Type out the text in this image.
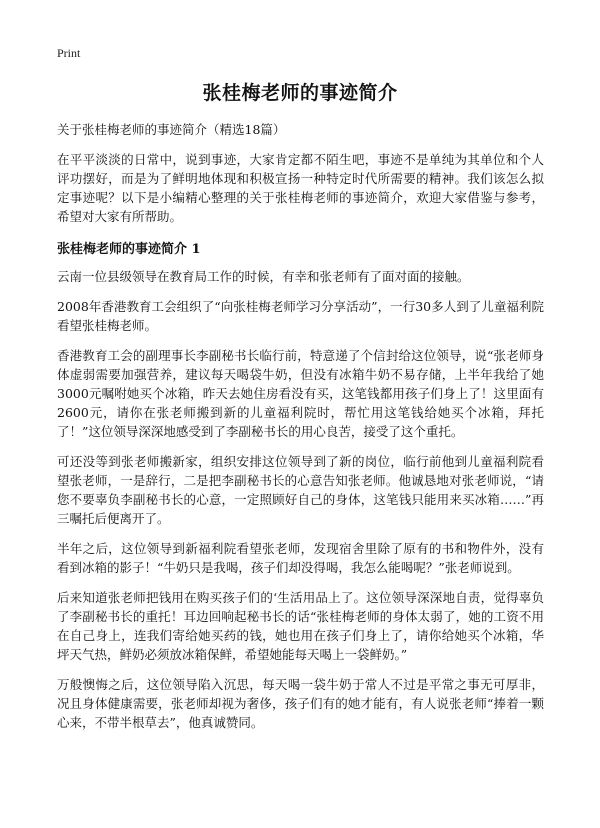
Print
张桂梅老师的事迹简介
关于张桂梅老师的事迹简介（精选18篇）

在平平淡淡的日常中，说到事迹，大家肯定都不陌生吧，事迹不是单纯为其单位和个人评功摆好，而是为了鲜明地体现和积极宣扬一种特定时代所需要的精神。我们该怎么拟定事迹呢？以下是小编精心整理的关于张桂梅老师的事迹简介，欢迎大家借鉴与参考，希望对大家有所帮助。

张桂梅老师的事迹简介 1

云南一位县级领导在教育局工作的时候，有幸和张老师有了面对面的接触。

2008年香港教育工会组织了“向张桂梅老师学习分享活动”，一行30多人到了儿童福利院看望张桂梅老师。

香港教育工会的副理事长李副秘书长临行前，特意递了个信封给这位领导，说“张老师身体虚弱需要加强营养，建议每天喝袋牛奶，但没有冰箱牛奶不易存储，上半年我给了她3000元嘱咐她买个冰箱，昨天去她住房看没有买，这笔钱都用孩子们身上了！这里面有2600元，请你在张老师搬到新的儿童福利院时，帮忙用这笔钱给她买个冰箱，拜托了！”这位领导深深地感受到了李副秘书长的用心良苦，接受了这个重托。

可还没等到张老师搬新家，组织安排这位领导到了新的岗位，临行前他到儿童福利院看望张老师，一是辞行，二是把李副秘书长的心意告知张老师。他诚恳地对张老师说，“请您不要辜负李副秘书长的心意，一定照顾好自己的身体，这笔钱只能用来买冰箱……”再三嘱托后便离开了。

半年之后，这位领导到新福利院看望张老师，发现宿舍里除了原有的书和物件外，没有看到冰箱的影子！“牛奶只是我喝，孩子们却没得喝，我怎么能喝呢？”张老师说到。

后来知道张老师把钱用在购买孩子们的‘生活用品上了。这位领导深深地自责，觉得辜负了李副秘书长的重托！耳边回响起秘书长的话“张桂梅老师的身体太弱了，她的工资不用在自己身上，连我们寄给她买药的钱，她也用在孩子们身上了，请你给她买个冰箱，华坪天气热，鲜奶必须放冰箱保鲜，希望她能每天喝上一袋鲜奶。”

万般懊悔之后，这位领导陷入沉思，每天喝一袋牛奶于常人不过是平常之事无可厚非，况且身体健康需要，张老师却视为奢侈，孩子们有的她才能有，有人说张老师“捧着一颗心来，不带半根草去”，他真诚赞同。
